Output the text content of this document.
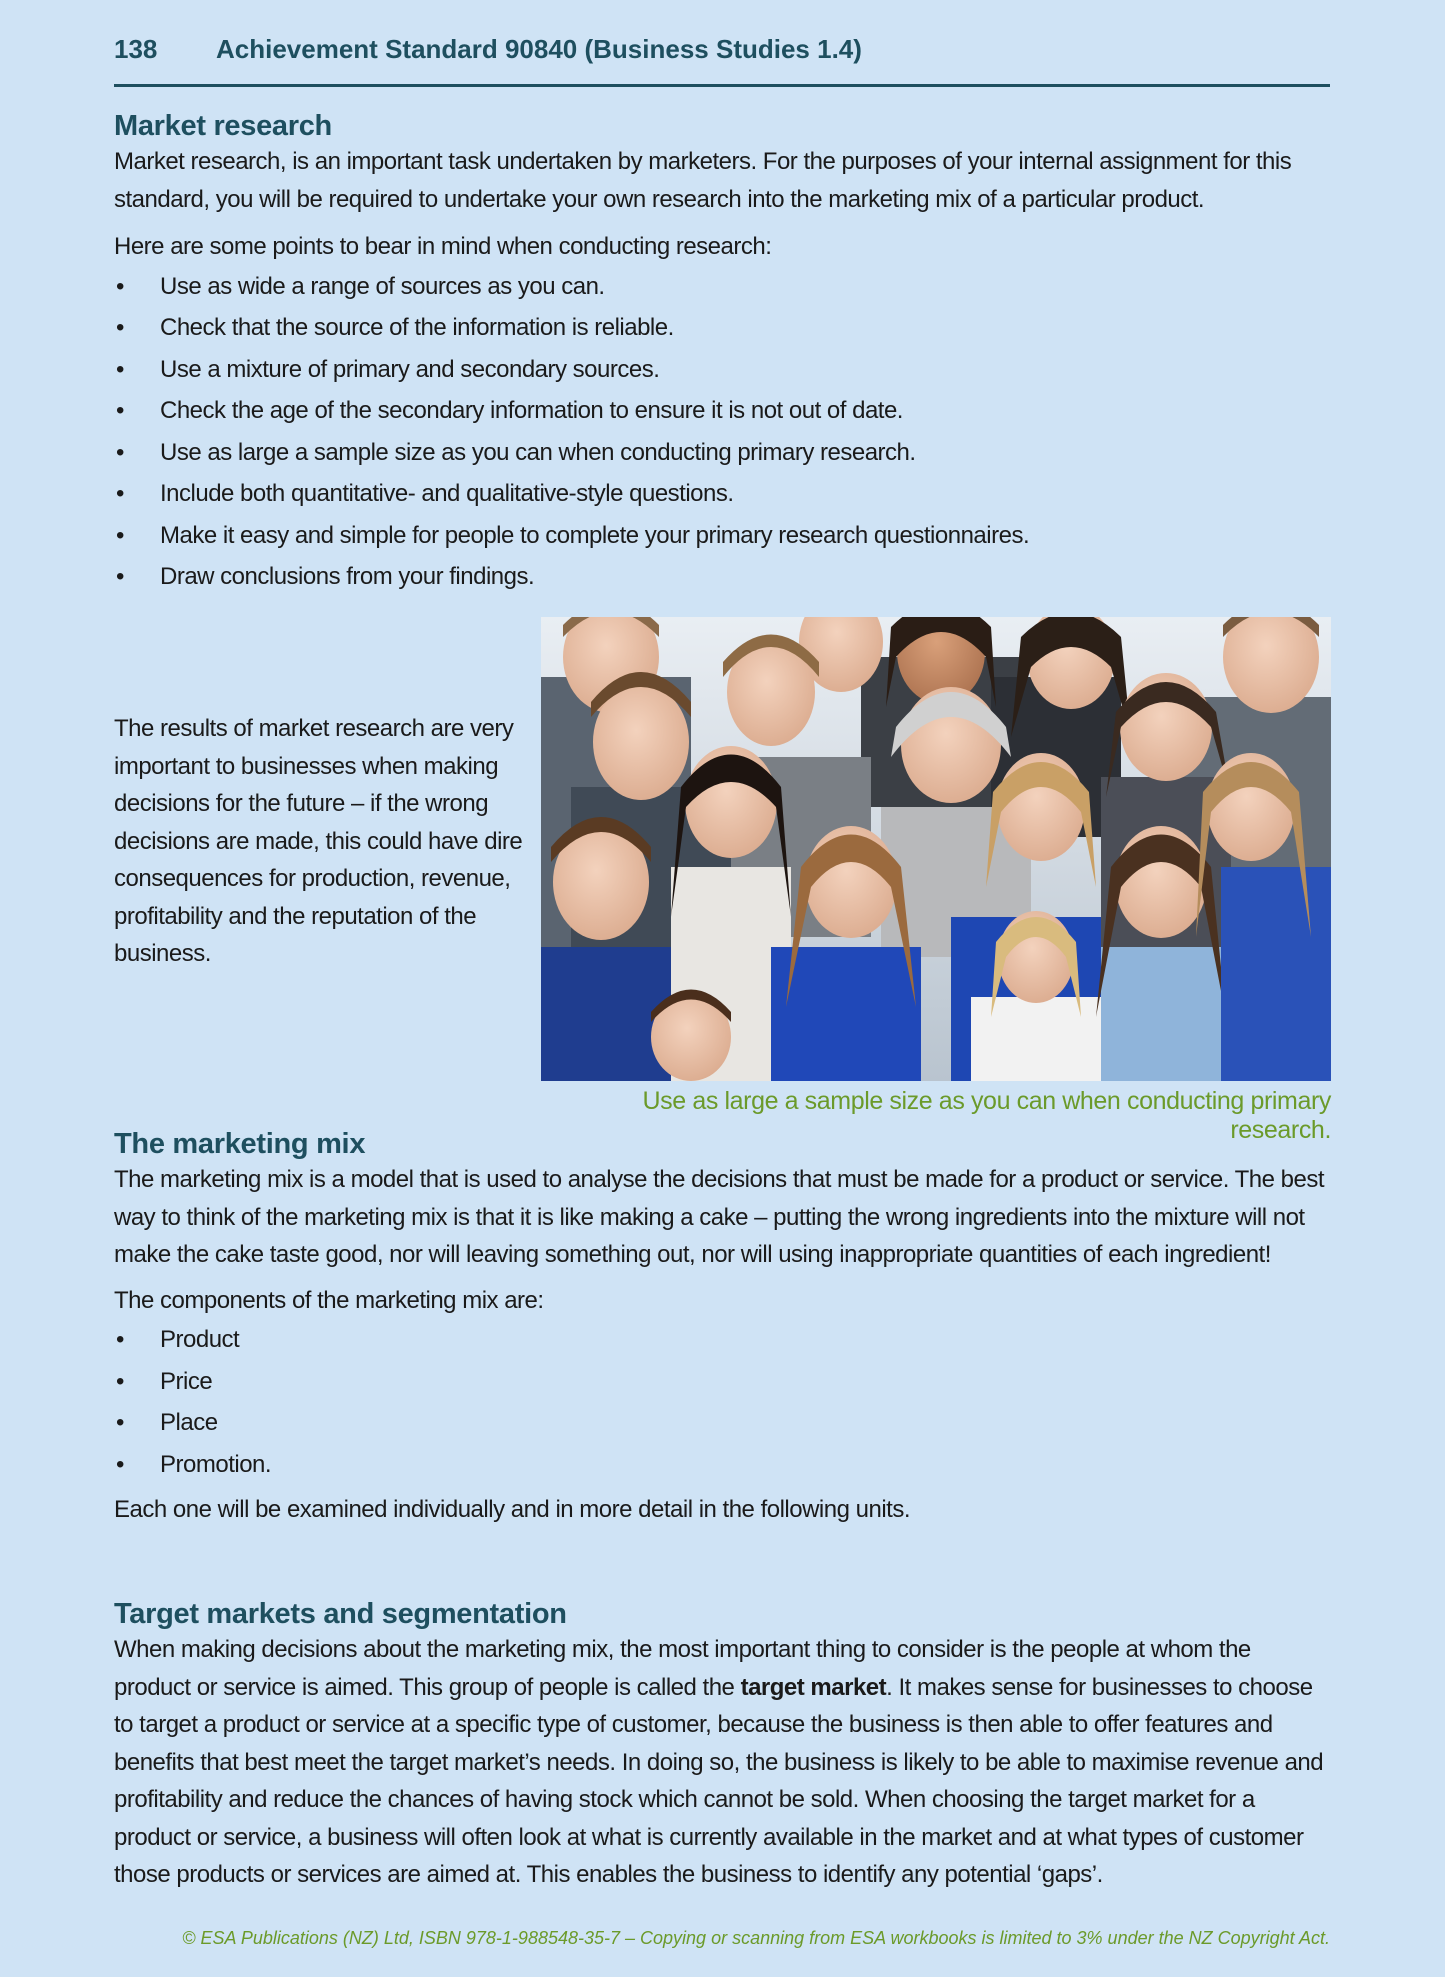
138 Achievement Standard 90840 (Business Studies 1.4)
Market research

Market research, is an important task undertaken by marketers. For the purposes of your internal assignment for this standard, you will be required to undertake your own research into the marketing mix of a particular product.

Here are some points to bear in mind when conducting research:

• Use as wide a range of sources as you can.
• Check that the source of the information is reliable.
• Use a mixture of primary and secondary sources.
• Check the age of the secondary information to ensure it is not out of date.
• Use as large a sample size as you can when conducting primary research.
• Include both quantitative- and qualitative-style questions.
• Make it easy and simple for people to complete your primary research questionnaires.
• Draw conclusions from your findings.

The results of market research are very important to businesses when making decisions for the future – if the wrong decisions are made, this could have dire consequences for production, revenue, profitability and the reputation of the business.

Use as large a sample size as you can when conducting primary research.
The marketing mix

The marketing mix is a model that is used to analyse the decisions that must be made for a product or service. The best way to think of the marketing mix is that it is like making a cake – putting the wrong ingredients into the mixture will not make the cake taste good, nor will leaving something out, nor will using inappropriate quantities of each ingredient!

The components of the marketing mix are:

• Product
• Price
• Place
• Promotion.

Each one will be examined individually and in more detail in the following units.

Target markets and segmentation

When making decisions about the marketing mix, the most important thing to consider is the people at whom the product or service is aimed. This group of people is called the target market. It makes sense for businesses to choose to target a product or service at a specific type of customer, because the business is then able to offer features and benefits that best meet the target market’s needs. In doing so, the business is likely to be able to maximise revenue and profitability and reduce the chances of having stock which cannot be sold. When choosing the target market for a product or service, a business will often look at what is currently available in the market and at what types of customer those products or services are aimed at. This enables the business to identify any potential ‘gaps’.

© ESA Publications (NZ) Ltd, ISBN 978-1-988548-35-7 – Copying or scanning from ESA workbooks is limited to 3% under the NZ Copyright Act.
